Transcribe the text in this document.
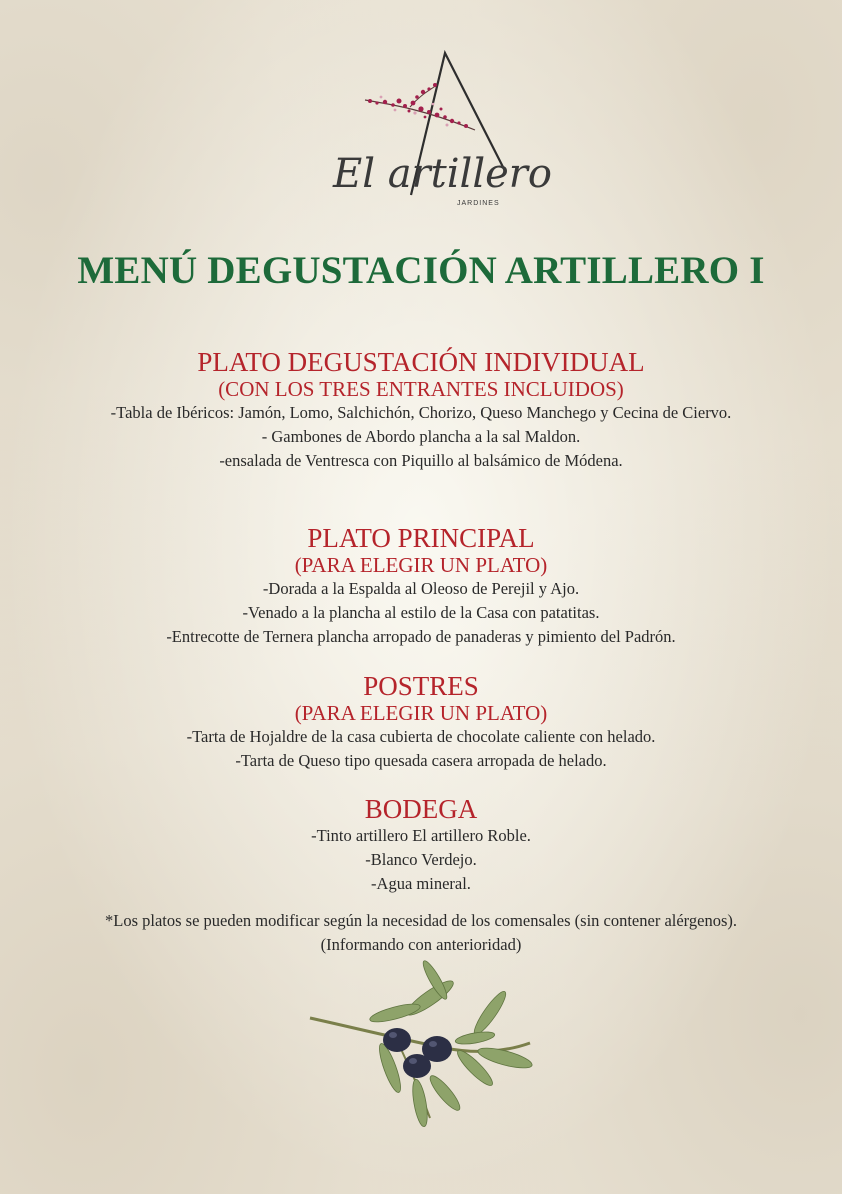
El artillero
JARDINES
MENÚ DEGUSTACIÓN ARTILLERO I

PLATO DEGUSTACIÓN INDIVIDUAL

(CON LOS TRES ENTRANTES INCLUIDOS)

-Tabla de Ibéricos: Jamón, Lomo, Salchichón, Chorizo, Queso Manchego y Cecina de Ciervo.

- Gambones de Abordo plancha a la sal Maldon.

-ensalada de Ventresca con Piquillo al balsámico de Módena.

PLATO PRINCIPAL

(PARA ELEGIR UN PLATO)

-Dorada a la Espalda al Oleoso de Perejil y Ajo.

-Venado a la plancha al estilo de la Casa con patatitas.

-Entrecotte de Ternera plancha arropado de panaderas y pimiento del Padrón.

POSTRES

(PARA ELEGIR UN PLATO)

-Tarta de Hojaldre de la casa cubierta de chocolate caliente con helado.

-Tarta de Queso tipo quesada casera arropada de helado.

BODEGA

-Tinto artillero El artillero Roble.

-Blanco Verdejo.

-Agua mineral.

*Los platos se pueden modificar según la necesidad de los comensales (sin contener alérgenos).
(Informando con anterioridad)
